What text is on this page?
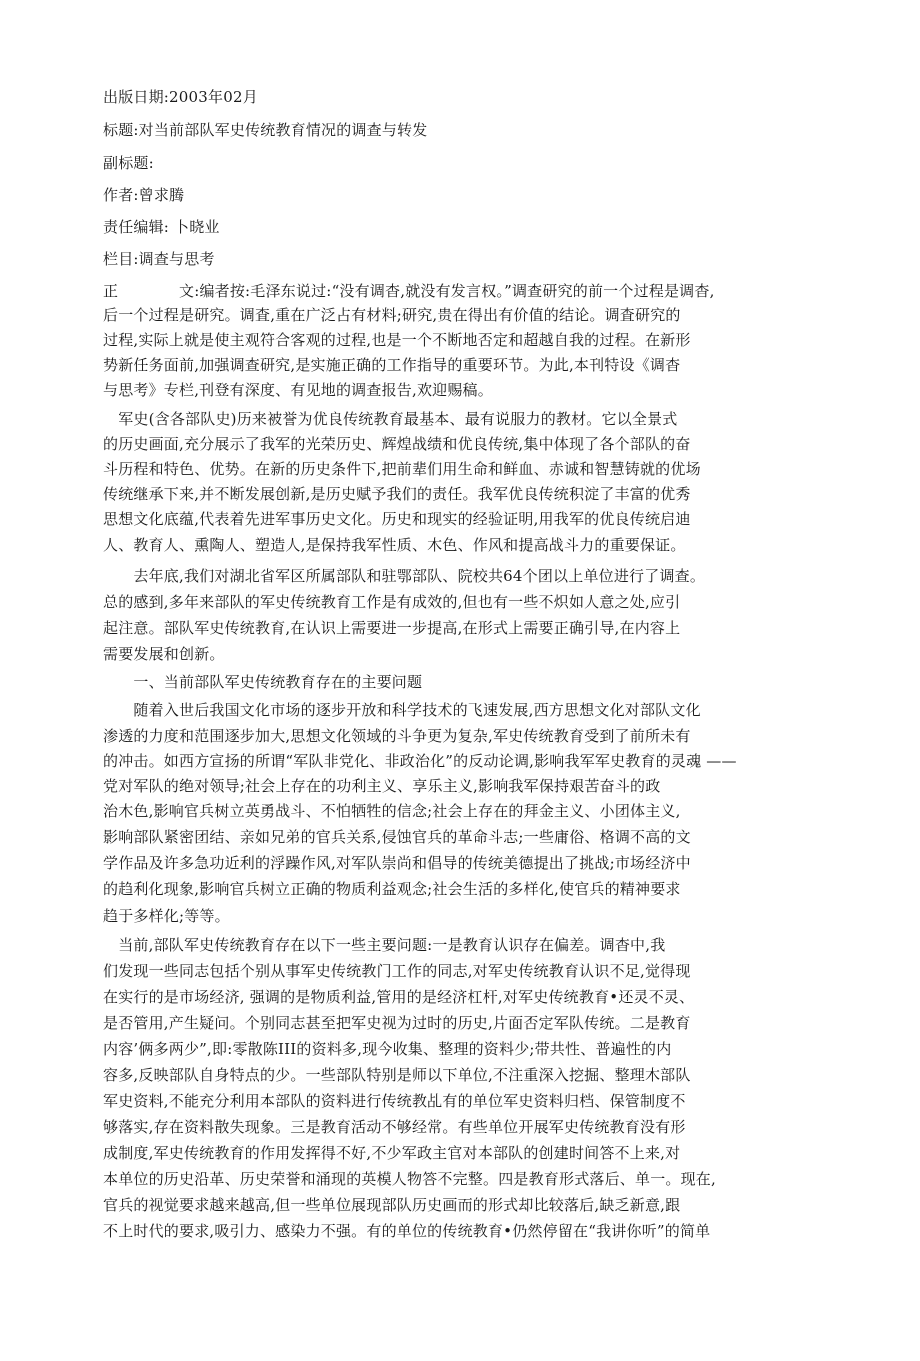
出版日期:2003年02月
标题:对当前部队军史传统教育情况的调查与转发
副标题:
作者:曾求腾
责任编辑: 卜晓业
栏目:调查与思考
正　　　　文:编者按:毛泽东说过:“没有调杳,就没有发言权。”调查研究的前一个过程是调杳,
后一个过程是研究。调査,重在广泛占有材料;研究,贵在得出有价值的结论。调査研究的
过程,实际上就是使主观符合客观的过程,也是一个不断地否定和超越自我的过程。在新形
势新任务面前,加强调查研究,是实施正确的工作指导的重要环节。为此,本刊特设《调杳
与思考》专栏,刊登有深度、有见地的调查报告,欢迎赐稿。
　军史(含各部队史)历来被誉为优良传统教育最基本、最有说服力的教材。它以全景式
的历史画面,充分展示了我军的光荣历史、辉煌战绩和优良传统,集中体现了各个部队的奋
斗历程和特色、优势。在新的历史条件下,把前辈们用生命和鲜血、赤诚和智慧铸就的优场
传统继承下来,并不断发展创新,是历史赋予我们的责任。我军优良传统积淀了丰富的优秀
思想文化底蕴,代表着先进军事历史文化。历史和现实的经验证明,用我军的优良传统启迪
人、教育人、熏陶人、塑造人,是保持我军性质、木色、作风和提高战斗力的重要保证。
　　去年底,我们对湖北省军区所属部队和驻鄂部队、院校共64个团以上单位进行了调查。
总的感到,多年来部队的军史传统教育工作是有成效的,但也有一些不炽如人意之处,应引
起注意。部队军史传统教育,在认识上需要进一步提高,在形式上需要正确引导,在内容上
需要发展和创新。
　　一、当前部队军史传统教育存在的主要问题
　　随着入世后我国文化市场的逐步开放和科学技术的飞速发展,西方思想文化对部队文化
渗透的力度和范围逐步加大,思想文化领域的斗争更为复杂,军史传统教育受到了前所未有
的冲击。如西方宣扬的所谓“军队非党化、非政治化”的反动论调,影响我军军史教育的灵魂 ——
党对军队的绝对领导;社会上存在的功利主义、享乐主义,影响我军保持艰苦奋斗的政
治木色,影响官兵树立英勇战斗、不怕牺牲的信念;社会上存在的拜金主义、小团体主义,
影响部队紧密团结、亲如兄弟的官兵关系,侵蚀官兵的革命斗志;一些庸俗、格调不高的文
学作品及许多急功近利的浮躁作风,对军队崇尚和倡导的传统美德提出了挑战;市场经济中
的趋利化现象,影响官兵树立正确的物质利益观念;社会生活的多样化,使官兵的精神要求
趋于多样化;等等。
　当前,部队军史传统教育存在以下一些主要问题:一是教育认识存在偏差。调杳中,我
们发现一些同志包括个别从事军史传统教门工作的同志,对军史传统教育认识不足,觉得现
在实行的是市场经济, 强调的是物质利益,管用的是经济杠杆,对军史传统教育•还灵不灵、
是否管用,产生疑问。个别同志甚至把军史视为过时的历史,片面否定军队传统。二是教育
内容’俩多两少”,即:零散陈III的资料多,现今收集、整理的资料少;带共性、普遍性的内
容多,反映部队自身特点的少。一些部队特别是师以下单位,不注重深入挖掘、整理木部队
军史资料,不能充分利用本部队的资料进行传统教乩有的单位军史资料归档、保管制度不
够落实,存在资料散失现象。三是教育活动不够经常。有些单位开展军史传统教育没有形
成制度,军史传统教育的作用发挥得不好,不少军政主官对本部队的创建时间答不上来,对
本单位的历史沿革、历史荣誉和涌现的英模人物答不完整。四是教育形式落后、单一。现在,
官兵的视觉要求越来越高,但一些单位展现部队历史画而的形式却比较落后,缺乏新意,跟
不上时代的要求,吸引力、感染力不强。有的单位的传统教育•仍然停留在“我讲你听”的简单
